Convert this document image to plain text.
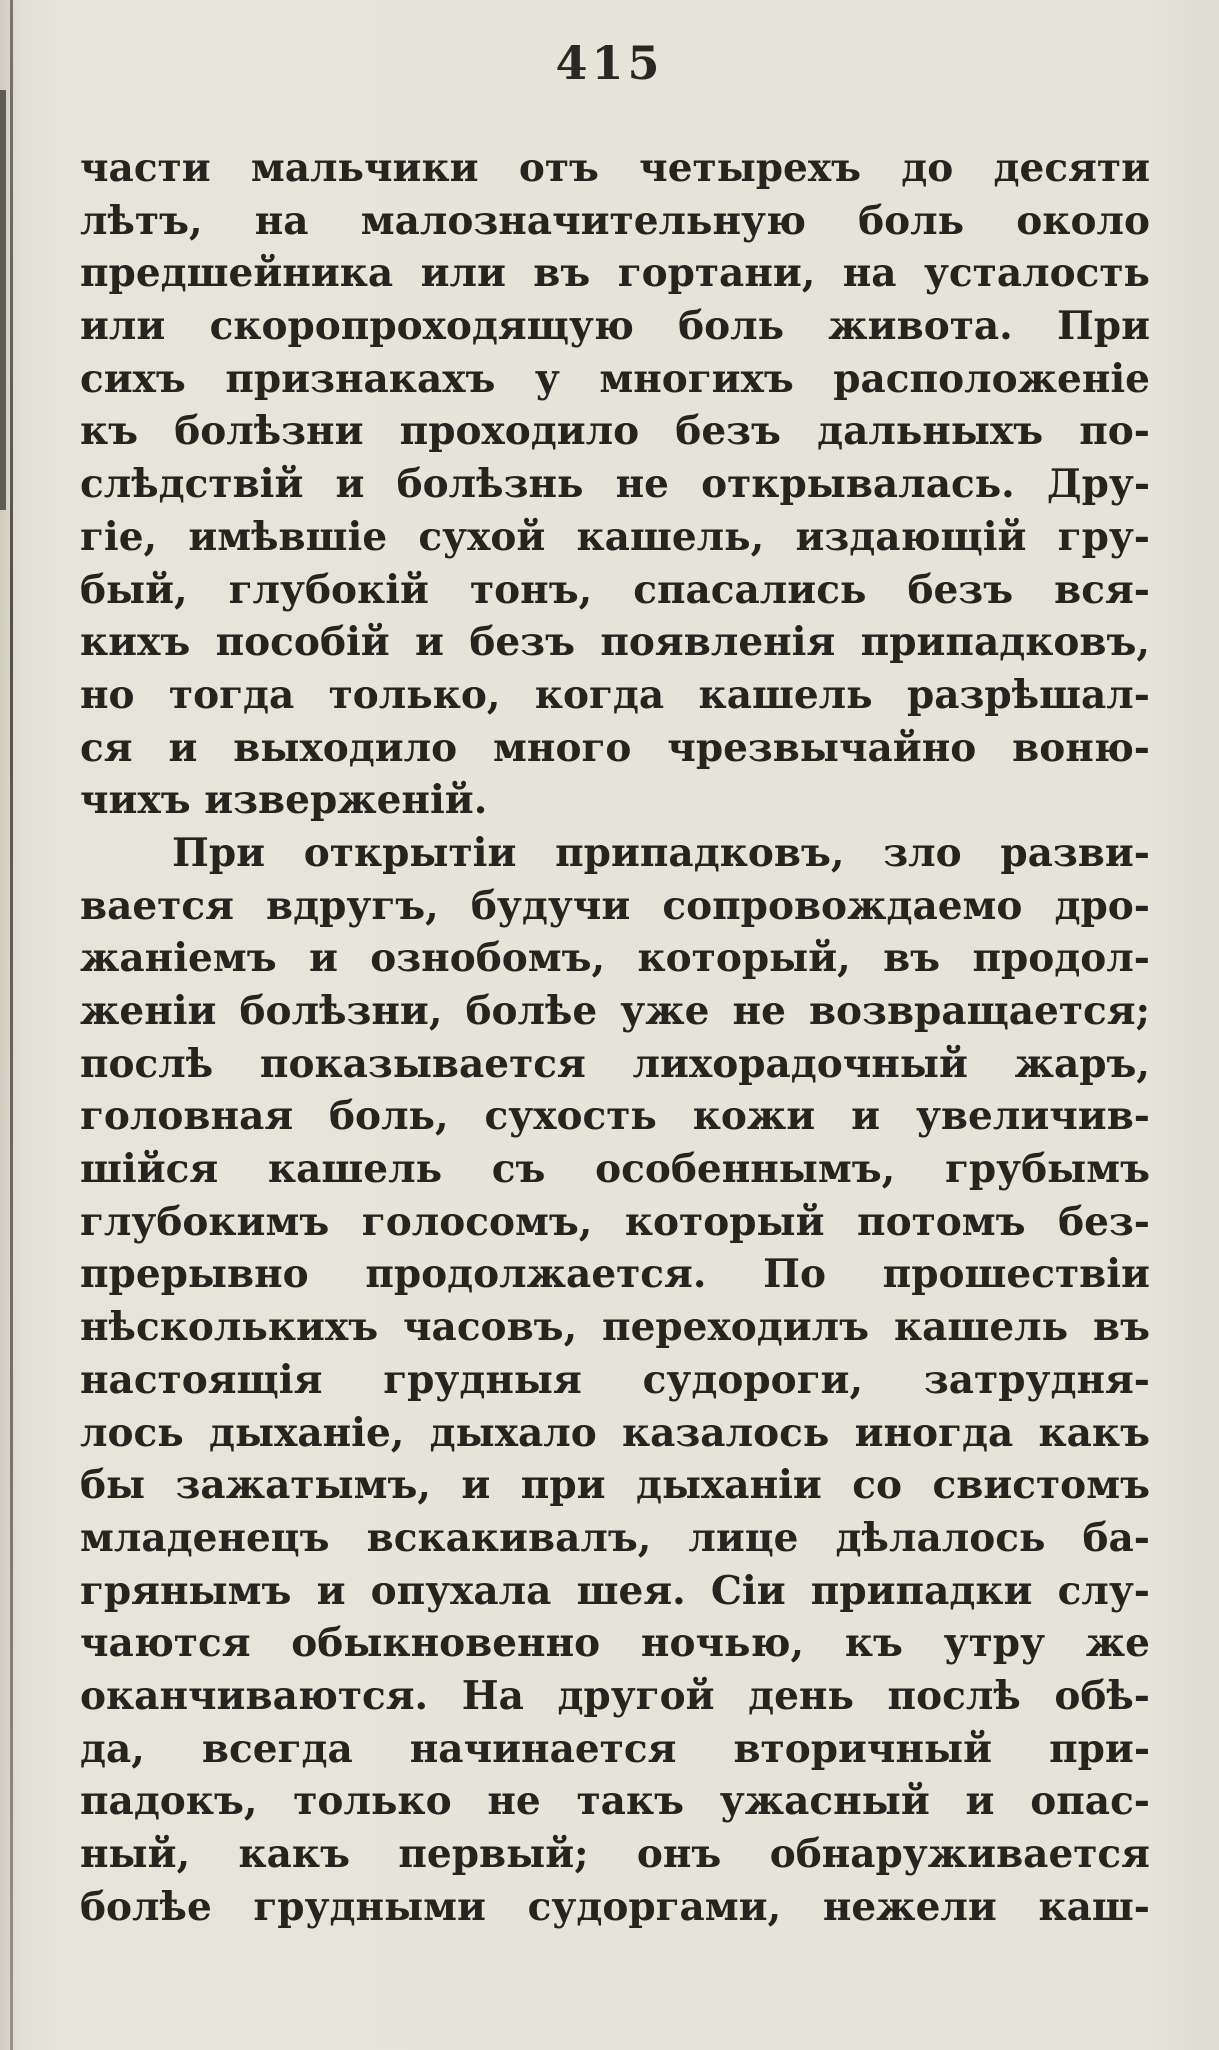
415
части мальчики отъ четырехъ до десяти
лѣтъ, на малозначительную боль около
предшейника или въ гортани, на усталость
или скоропроходящую боль живота. При
сихъ признакахъ у многихъ расположеніе
къ болѣзни проходило безъ дальныхъ по-
слѣдствій и болѣзнь не открывалась. Дру-
гіе, имѣвшіе сухой кашель, издающій гру-
бый, глубокій тонъ, спасались безъ вся-
кихъ пособій и безъ появленія припадковъ,
но тогда только, когда кашель разрѣшал-
ся и выходило много чрезвычайно воню-
чихъ изверженій.
При открытіи припадковъ, зло разви-
вается вдругъ, будучи сопровождаемо дро-
жаніемъ и ознобомъ, который, въ продол-
женіи болѣзни, болѣе уже не возвращается;
послѣ показывается лихорадочный жаръ,
головная боль, сухость кожи и увеличив-
шійся кашель съ особеннымъ, грубымъ
глубокимъ голосомъ, который потомъ без-
прерывно продолжается. По прошествіи
нѣсколькихъ часовъ, переходилъ кашель въ
настоящія грудныя судороги, затрудня-
лось дыханіе, дыхало казалось иногда какъ
бы зажатымъ, и при дыханіи со свистомъ
младенецъ вскакивалъ, лице дѣлалось ба-
грянымъ и опухала шея. Сіи припадки слу-
чаются обыкновенно ночью, къ утру же
оканчиваются. На другой день послѣ обѣ-
да, всегда начинается вторичный при-
падокъ, только не такъ ужасный и опас-
ный, какъ первый; онъ обнаруживается
болѣе грудными судоргами, нежели каш-
